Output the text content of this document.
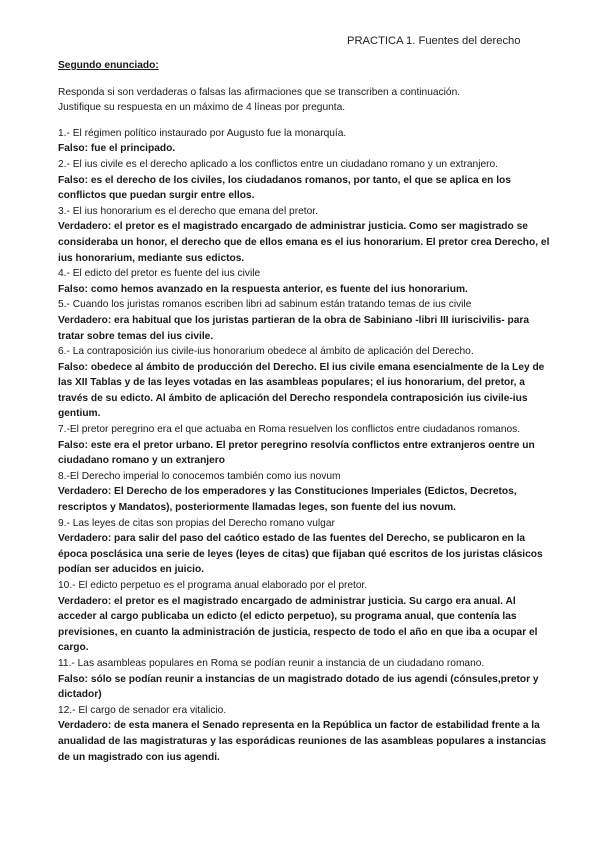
PRACTICA 1. Fuentes del derecho
Segundo enunciado:
Responda si son verdaderas o falsas las afirmaciones que se transcriben a continuación.
Justifique su respuesta en un máximo de 4 líneas por pregunta.
1.- El régimen político instaurado por Augusto fue la monarquía.
Falso: fue el principado.
2.- El ius civile es el derecho aplicado a los conflictos entre un ciudadano romano y un extranjero.
Falso: es el derecho de los civiles, los ciudadanos romanos, por tanto, el que se aplica en los conflictos que puedan surgir entre ellos.
3.- El ius honorarium es el derecho que emana del pretor.
Verdadero: el pretor es el magistrado encargado de administrar justicia. Como ser magistrado se consideraba un honor, el derecho que de ellos emana es el ius honorarium. El pretor crea Derecho, el ius honorarium, mediante sus edictos.
4.- El edicto del pretor es fuente del ius civile
Falso: como hemos avanzado en la respuesta anterior, es fuente del ius honorarium.
5.- Cuando los juristas romanos escriben libri ad sabinum están tratando temas de ius civile
Verdadero: era habitual que los juristas partieran de la obra de Sabiniano -libri III iuriscivilis- para tratar sobre temas del ius civile.
6.- La contraposición ius civile-ius honorarium obedece al ámbito de aplicación del Derecho.
Falso: obedece al ámbito de producción del Derecho. El ius civile emana esencialmente de la Ley de las XII Tablas y de las leyes votadas en las asambleas populares; el ius honorarium, del pretor, a través de su edicto. Al ámbito de aplicación del Derecho respondela contraposición ius civile-ius gentium.
7.-El pretor peregrino era el que actuaba en Roma resuelven los conflictos entre ciudadanos romanos.
Falso: este era el pretor urbano. El pretor peregrino resolvía conflictos entre extranjeros oentre un ciudadano romano y un extranjero
8.-El Derecho imperial lo conocemos también como ius novum
Verdadero: El Derecho de los emperadores y las Constituciones Imperiales (Edictos, Decretos, rescriptos y Mandatos), posteriormente llamadas leges, son fuente del ius novum.
9.- Las leyes de citas son propias del Derecho romano vulgar
Verdadero: para salir del paso del caótico estado de las fuentes del Derecho, se publicaron en la época posclásica una serie de leyes (leyes de citas) que fijaban qué escritos de los juristas clásicos podían ser aducidos en juicio.
10.- El edicto perpetuo es el programa anual elaborado por el pretor.
Verdadero: el pretor es el magistrado encargado de administrar justicia. Su cargo era anual. Al acceder al cargo publicaba un edicto (el edicto perpetuo), su programa anual, que contenía las previsiones, en cuanto la administración de justicia, respecto de todo el año en que iba a ocupar el cargo.
11.- Las asambleas populares en Roma se podían reunir a instancia de un ciudadano romano.
Falso: sólo se podían reunir a instancias de un magistrado dotado de ius agendi (cónsules,pretor y dictador)
12.- El cargo de senador era vitalicio.
Verdadero: de esta manera el Senado representa en la República un factor de estabilidad frente a la anualidad de las magistraturas y las esporádicas reuniones de las asambleas populares a instancias de un magistrado con ius agendi.
